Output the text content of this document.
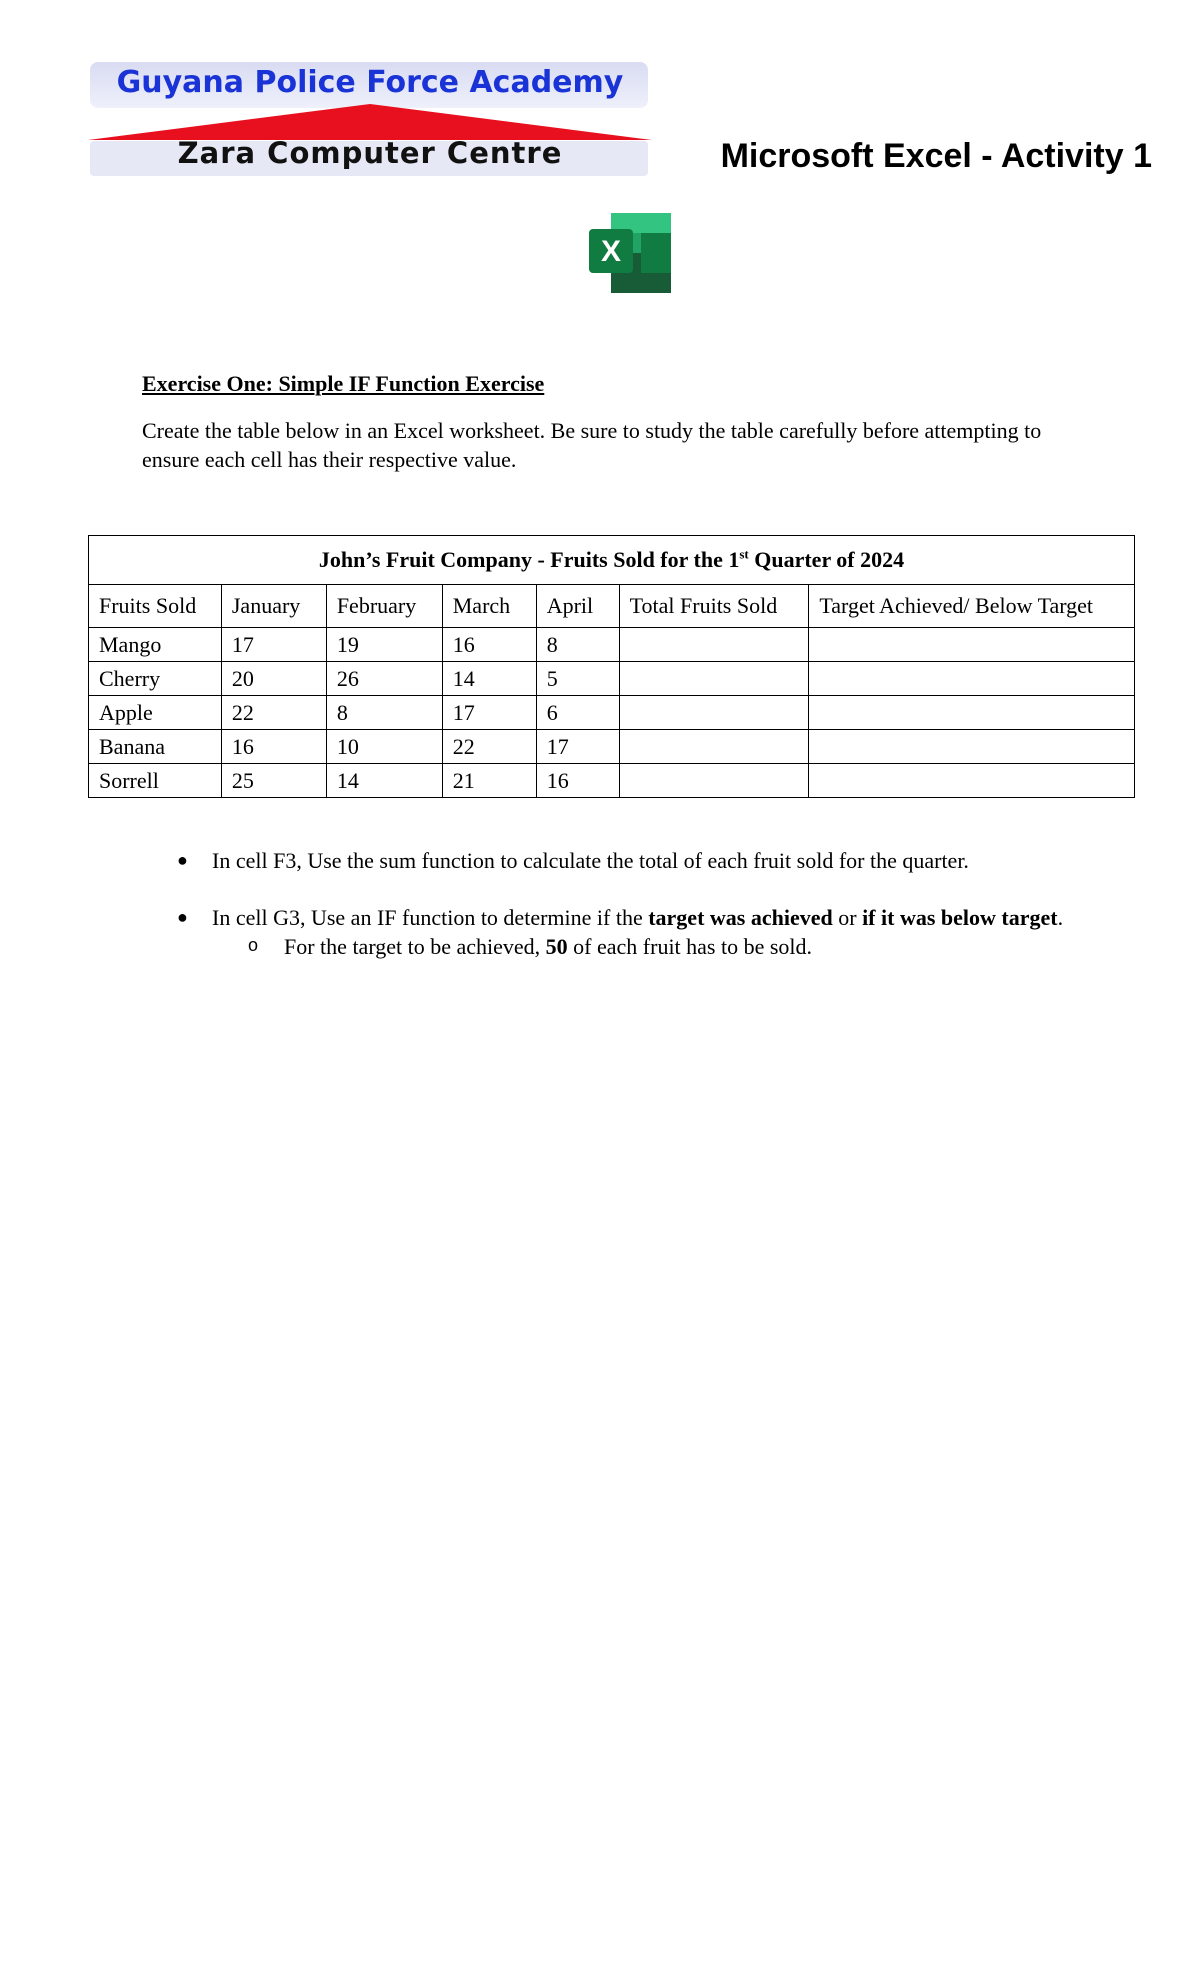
Guyana Police Force Academy
Zara Computer Centre	Microsoft Excel - Activity 1
X
Exercise One: Simple IF Function Exercise
Create the table below in an Excel worksheet. Be sure to study the table carefully before attempting to ensure each cell has their respective value.
John’s Fruit Company - Fruits Sold for the 1st Quarter of 2024						
Fruits Sold	January	February	March	April	Total Fruits Sold	Target Achieved/ Below Target
Mango	17	19	16	8		
Cherry	20	26	14	5		
Apple	22	8	17	6		
Banana	16	10	22	17		
Sorrell	25	14	21	16		
● In cell F3, Use the sum function to calculate the total of each fruit sold for the quarter.
● In cell G3, Use an IF function to determine if the target was achieved or if it was below target.
o For the target to be achieved, 50 of each fruit has to be sold.
